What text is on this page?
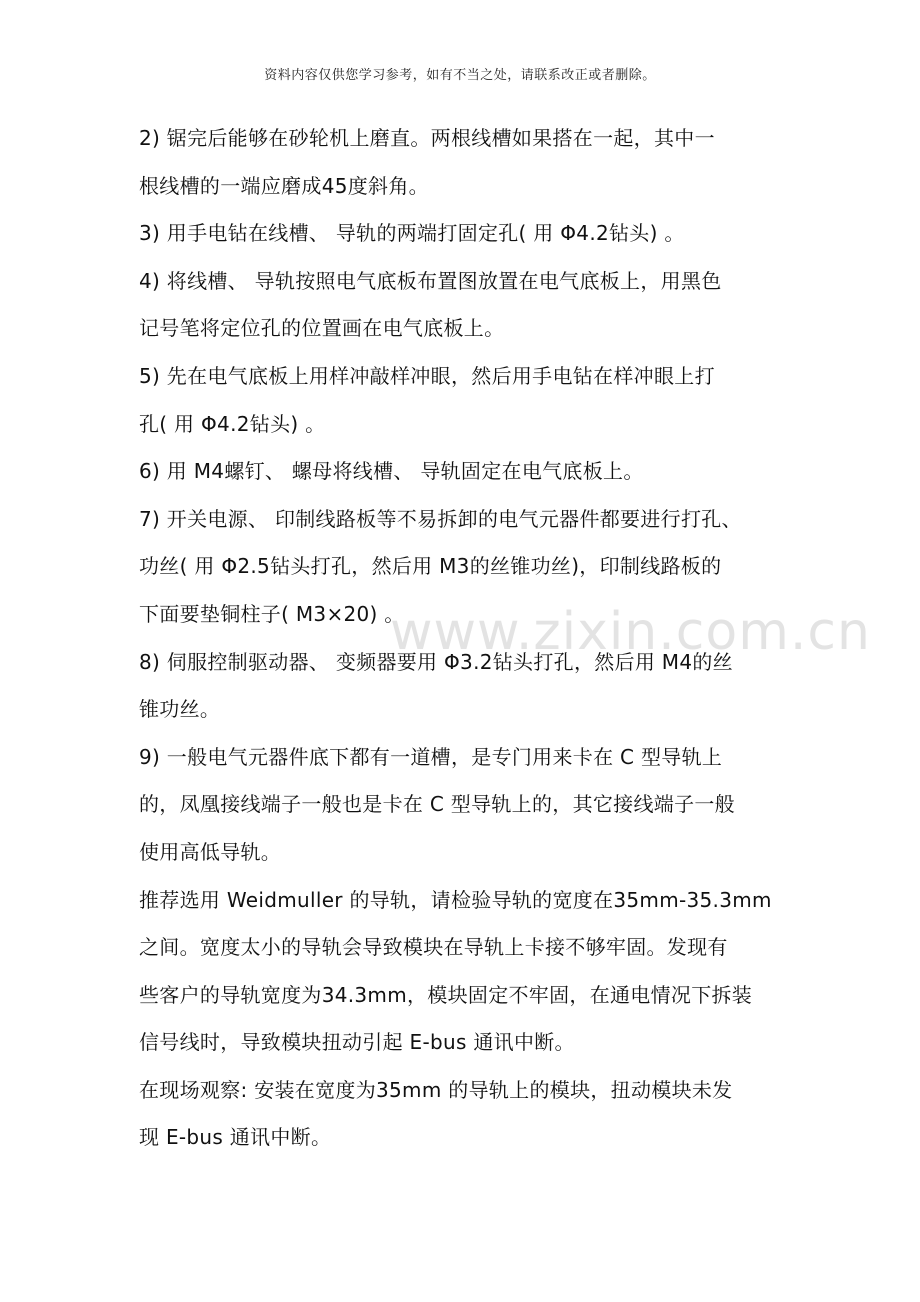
资料内容仅供您学习参考，如有不当之处，请联系改正或者删除。
www.zixin.com.cn
2) 锯完后能够在砂轮机上磨直。两根线槽如果搭在一起，其中一
根线槽的一端应磨成45度斜角。
3) 用手电钻在线槽、 导轨的两端打固定孔( 用 Φ4.2钻头) 。
4) 将线槽、 导轨按照电气底板布置图放置在电气底板上，用黑色
记号笔将定位孔的位置画在电气底板上。
5) 先在电气底板上用样冲敲样冲眼，然后用手电钻在样冲眼上打
孔( 用 Φ4.2钻头) 。
6) 用 M4螺钉、 螺母将线槽、 导轨固定在电气底板上。
7) 开关电源、 印制线路板等不易拆卸的电气元器件都要进行打孔、
功丝( 用 Φ2.5钻头打孔，然后用 M3的丝锥功丝)，印制线路板的
下面要垫铜柱子( M3×20) 。
8) 伺服控制驱动器、 变频器要用 Φ3.2钻头打孔，然后用 M4的丝
锥功丝。
9) 一般电气元器件底下都有一道槽，是专门用来卡在 C 型导轨上
的，凤凰接线端子一般也是卡在 C 型导轨上的，其它接线端子一般
使用高低导轨。
推荐选用 Weidmuller 的导轨，请检验导轨的宽度在35mm-35.3mm
之间。宽度太小的导轨会导致模块在导轨上卡接不够牢固。发现有
些客户的导轨宽度为34.3mm，模块固定不牢固，在通电情况下拆装
信号线时，导致模块扭动引起 E-bus 通讯中断。
在现场观察: 安装在宽度为35mm 的导轨上的模块，扭动模块未发
现 E-bus 通讯中断。
